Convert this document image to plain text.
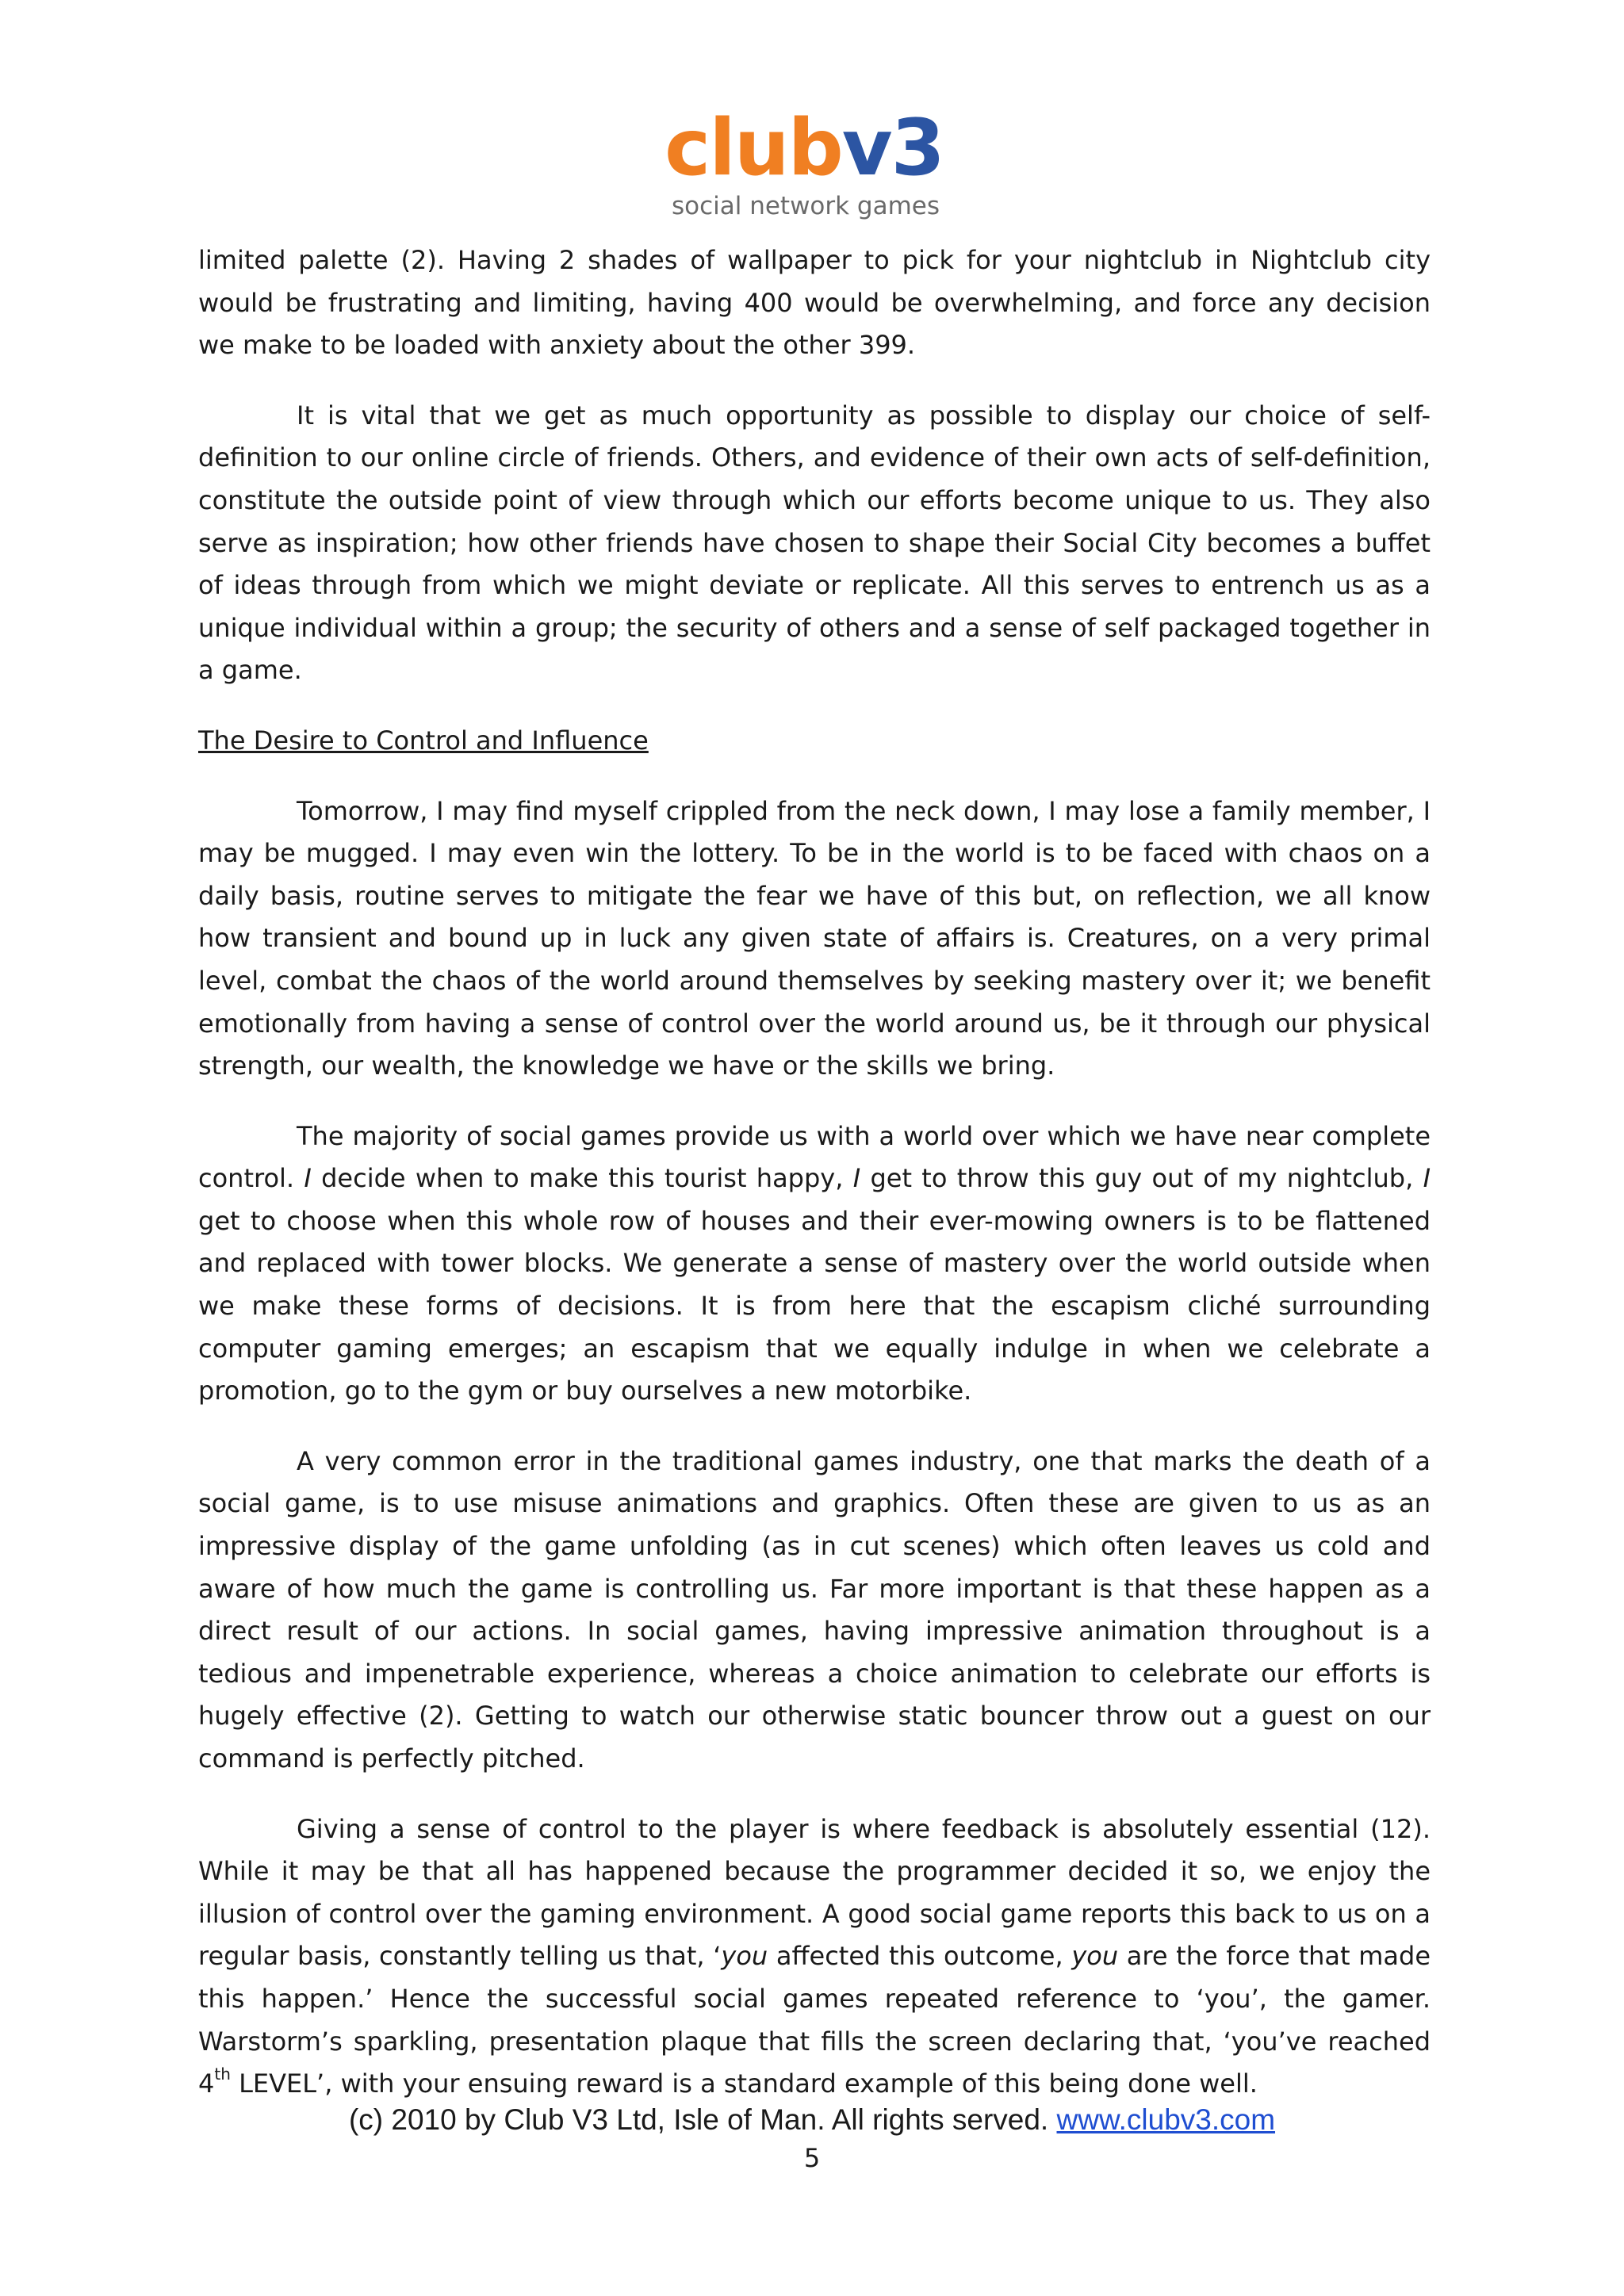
clubv3
social network games

limited palette (2). Having 2 shades of wallpaper to pick for your nightclub in Nightclub city would be frustrating and limiting, having 400 would be overwhelming, and force any decision we make to be loaded with anxiety about the other 399.

It is vital that we get as much opportunity as possible to display our choice of self-definition to our online circle of friends. Others, and evidence of their own acts of self-definition, constitute the outside point of view through which our efforts become unique to us. They also serve as inspiration; how other friends have chosen to shape their Social City becomes a buffet of ideas through from which we might deviate or replicate. All this serves to entrench us as a unique individual within a group; the security of others and a sense of self packaged together in a game.

The Desire to Control and Influence

Tomorrow, I may find myself crippled from the neck down, I may lose a family member, I may be mugged. I may even win the lottery. To be in the world is to be faced with chaos on a daily basis, routine serves to mitigate the fear we have of this but, on reflection, we all know how transient and bound up in luck any given state of affairs is. Creatures, on a very primal level, combat the chaos of the world around themselves by seeking mastery over it; we benefit emotionally from having a sense of control over the world around us, be it through our physical strength, our wealth, the knowledge we have or the skills we bring.

The majority of social games provide us with a world over which we have near complete control. I decide when to make this tourist happy, I get to throw this guy out of my nightclub, I get to choose when this whole row of houses and their ever-mowing owners is to be flattened and replaced with tower blocks. We generate a sense of mastery over the world outside when we make these forms of decisions. It is from here that the escapism cliché surrounding computer gaming emerges; an escapism that we equally indulge in when we celebrate a promotion, go to the gym or buy ourselves a new motorbike.

A very common error in the traditional games industry, one that marks the death of a social game, is to use misuse animations and graphics. Often these are given to us as an impressive display of the game unfolding (as in cut scenes) which often leaves us cold and aware of how much the game is controlling us. Far more important is that these happen as a direct result of our actions. In social games, having impressive animation throughout is a tedious and impenetrable experience, whereas a choice animation to celebrate our efforts is hugely effective (2). Getting to watch our otherwise static bouncer throw out a guest on our command is perfectly pitched.

Giving a sense of control to the player is where feedback is absolutely essential (12). While it may be that all has happened because the programmer decided it so, we enjoy the illusion of control over the gaming environment. A good social game reports this back to us on a regular basis, constantly telling us that, ‘you affected this outcome, you are the force that made this happen.’ Hence the successful social games repeated reference to ‘you’, the gamer. Warstorm’s sparkling, presentation plaque that fills the screen declaring that, ‘you’ve reached 4th LEVEL’, with your ensuing reward is a standard example of this being done well.

(c) 2010 by Club V3 Ltd, Isle of Man. All rights served. www.clubv3.com
5
